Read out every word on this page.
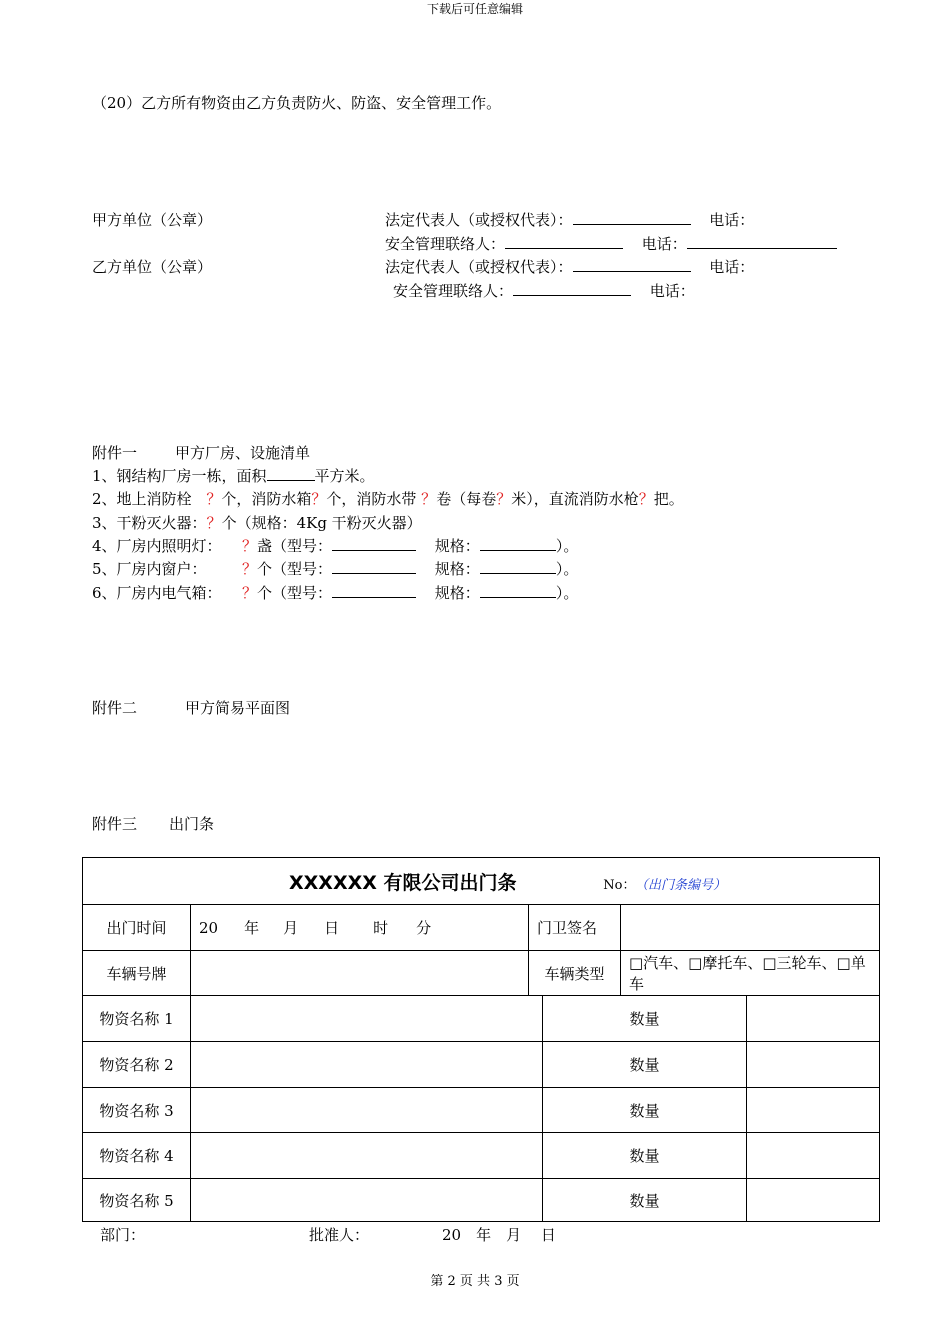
下载后可任意编辑
（20）乙方所有物资由乙方负责防火、防盗、安全管理工作。
甲方单位（公章）	法定代表人（或授权代表）：	电话：
安全管理联络人：	电话：
乙方单位（公章）	法定代表人（或授权代表）：	电话：
安全管理联络人：	电话：
附件一	甲方厂房、设施清单
1、钢结构厂房一栋，面积	平方米。
2、地上消防栓 ？个，消防水箱？个，消防水带 ？卷（每卷？米），直流消防水枪？把。
3、干粉灭火器：？个（规格：4Kg 干粉灭火器）
4、厂房内照明灯： ？盏（型号：	规格：	）。
5、厂房内窗户： ？个（型号：	规格：	）。
6、厂房内电气箱： ？个（型号：	规格：	）。
附件二	甲方简易平面图
附件三 出门条
XXXXXX 有限公司出门条 No： （出门条编号）					
出门时间	20 年 月 日 时 分	门卫签名			
车辆号牌		车辆类型		□汽车、□摩托车、□三轮车、□单车	
物资名称 1			数量		
物资名称 2			数量		
物资名称 3			数量		
物资名称 4			数量		
物资名称 5			数量		
部门：	批准人：	20　年　月　 日
第 2 页 共 3 页
